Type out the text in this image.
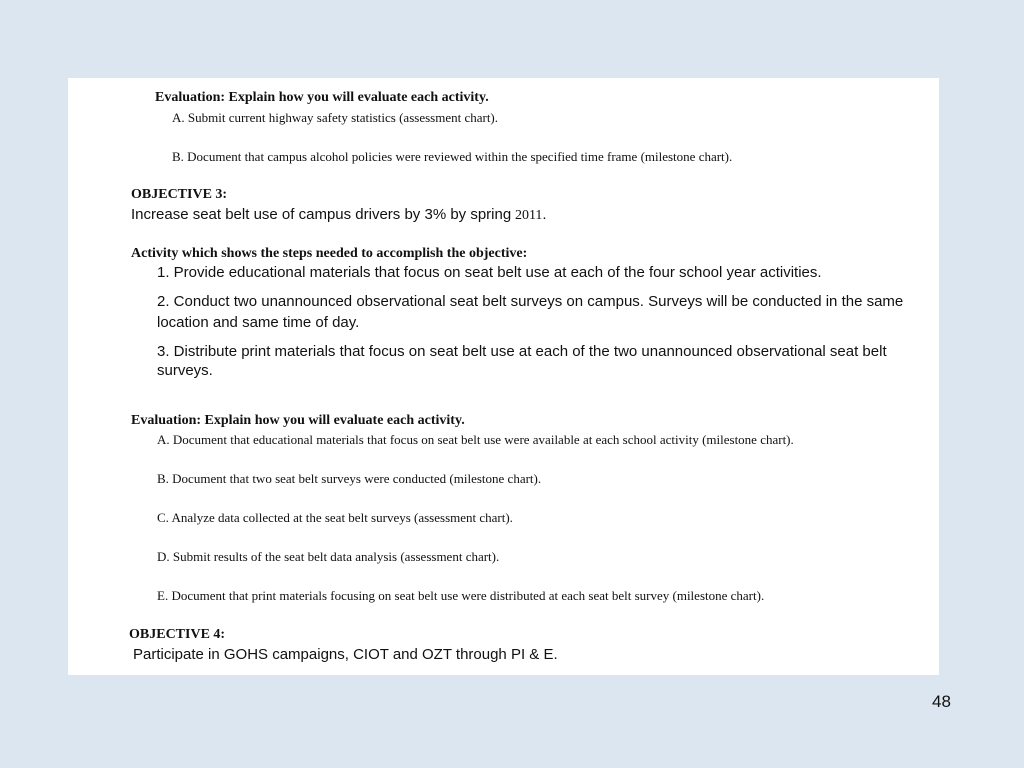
Evaluation: Explain how you will evaluate each activity.
A. Submit current highway safety statistics (assessment chart).
B. Document that campus alcohol policies were reviewed within the specified time frame (milestone chart).
OBJECTIVE 3:
Increase seat belt use of campus drivers by 3% by spring 2011.
Activity which shows the steps needed to accomplish the objective:
1. Provide educational materials that focus on seat belt use at each of the four school year activities.
2. Conduct two unannounced observational seat belt surveys on campus. Surveys will be conducted in the same
location and same time of day.
3. Distribute print materials that focus on seat belt use at each of the two unannounced observational seat belt
surveys.
Evaluation: Explain how you will evaluate each activity.
A. Document that educational materials that focus on seat belt use were available at each school activity (milestone chart).
B. Document that two seat belt surveys were conducted (milestone chart).
C. Analyze data collected at the seat belt surveys (assessment chart).
D. Submit results of the seat belt data analysis (assessment chart).
E. Document that print materials focusing on seat belt use were distributed at each seat belt survey (milestone chart).
OBJECTIVE 4:
Participate in GOHS campaigns, CIOT and OZT through PI & E.
48
